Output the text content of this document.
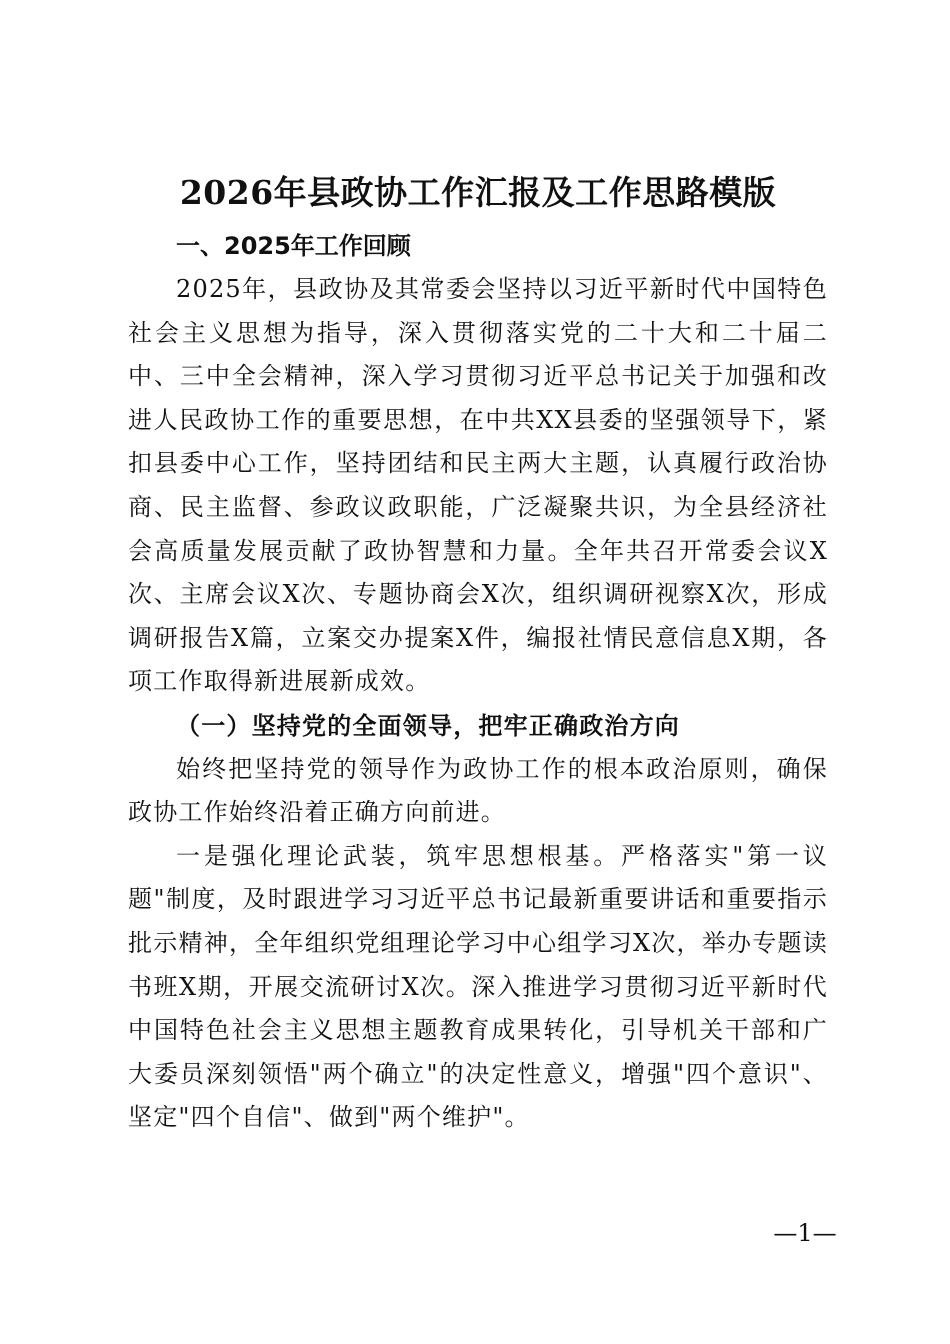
2026年县政协工作汇报及工作思路模版
一、2025年工作回顾

2025年，县政协及其常委会坚持以习近平新时代中国特色社会主义思想为指导，深入贯彻落实党的二十大和二十届二中、三中全会精神，深入学习贯彻习近平总书记关于加强和改进人民政协工作的重要思想，在中共XX县委的坚强领导下，紧扣县委中心工作，坚持团结和民主两大主题，认真履行政治协商、民主监督、参政议政职能，广泛凝聚共识，为全县经济社会高质量发展贡献了政协智慧和力量。全年共召开常委会议X次、主席会议X次、专题协商会X次，组织调研视察X次，形成调研报告X篇，立案交办提案X件，编报社情民意信息X期，各项工作取得新进展新成效。

（一）坚持党的全面领导，把牢正确政治方向

始终把坚持党的领导作为政协工作的根本政治原则，确保政协工作始终沿着正确方向前进。

一是强化理论武装，筑牢思想根基。严格落实"第一议题"制度，及时跟进学习习近平总书记最新重要讲话和重要指示批示精神，全年组织党组理论学习中心组学习X次，举办专题读书班X期，开展交流研讨X次。深入推进学习贯彻习近平新时代中国特色社会主义思想主题教育成果转化，引导机关干部和广大委员深刻领悟"两个确立"的决定性意义，增强"四个意识"、坚定"四个自信"、做到"两个维护"。

—1—
